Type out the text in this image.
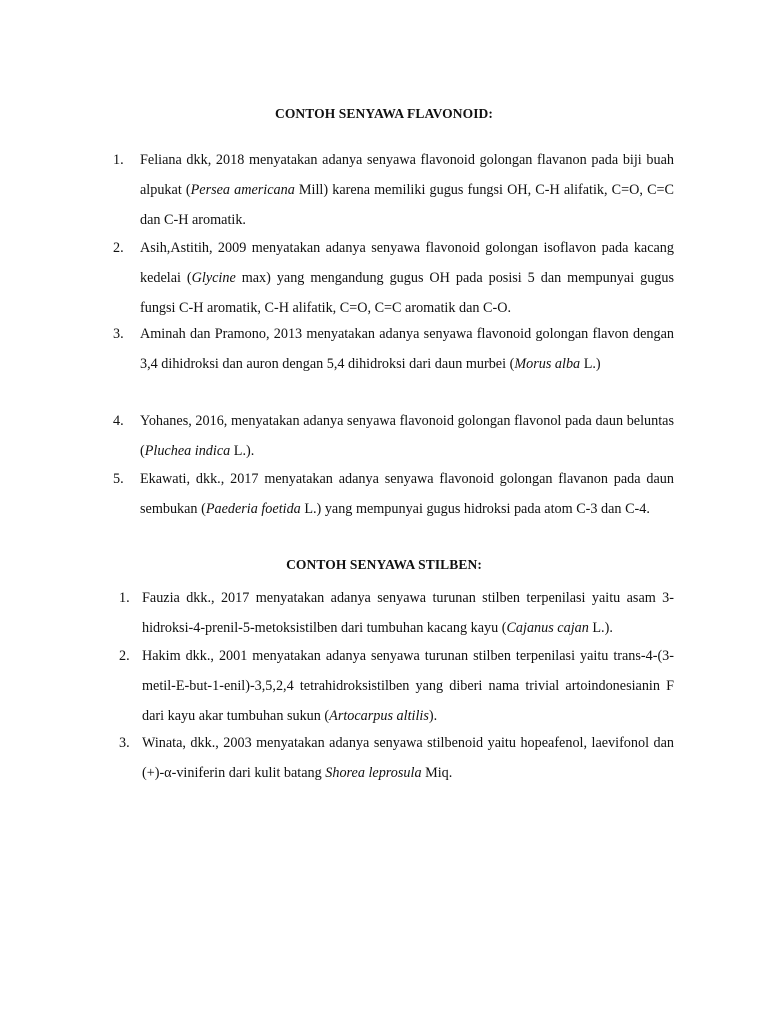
CONTOH SENYAWA FLAVONOID:
1. Feliana dkk, 2018 menyatakan adanya senyawa flavonoid golongan flavanon pada biji buah alpukat (Persea americana Mill) karena memiliki gugus fungsi OH, C-H alifatik, C=O, C=C dan C-H aromatik.
2. Asih,Astitih, 2009 menyatakan adanya senyawa flavonoid golongan isoflavon pada kacang kedelai (Glycine max) yang mengandung gugus OH pada posisi 5 dan mempunyai gugus fungsi C-H aromatik, C-H alifatik, C=O, C=C aromatik dan C-O.
3. Aminah dan Pramono, 2013 menyatakan adanya senyawa flavonoid golongan flavon dengan 3,4 dihidroksi dan auron dengan 5,4 dihidroksi dari daun murbei (Morus alba L.)
4. Yohanes, 2016, menyatakan adanya senyawa flavonoid golongan flavonol pada daun beluntas (Pluchea indica L.).
5. Ekawati, dkk., 2017 menyatakan adanya senyawa flavonoid golongan flavanon pada daun sembukan (Paederia foetida L.) yang mempunyai gugus hidroksi pada atom C-3 dan C-4.
CONTOH SENYAWA STILBEN:
1. Fauzia dkk., 2017 menyatakan adanya senyawa turunan stilben terpenilasi yaitu asam 3-hidroksi-4-prenil-5-metoksistilben dari tumbuhan kacang kayu (Cajanus cajan L.).
2. Hakim dkk., 2001 menyatakan adanya senyawa turunan stilben terpenilasi yaitu trans-4-(3-metil-E-but-1-enil)-3,5,2,4 tetrahidroksistilben yang diberi nama trivial artoindonesianin F dari kayu akar tumbuhan sukun (Artocarpus altilis).
3. Winata, dkk., 2003 menyatakan adanya senyawa stilbenoid yaitu hopeafenol, laevifonol dan (+)-α-viniferin dari kulit batang Shorea leprosula Miq.
